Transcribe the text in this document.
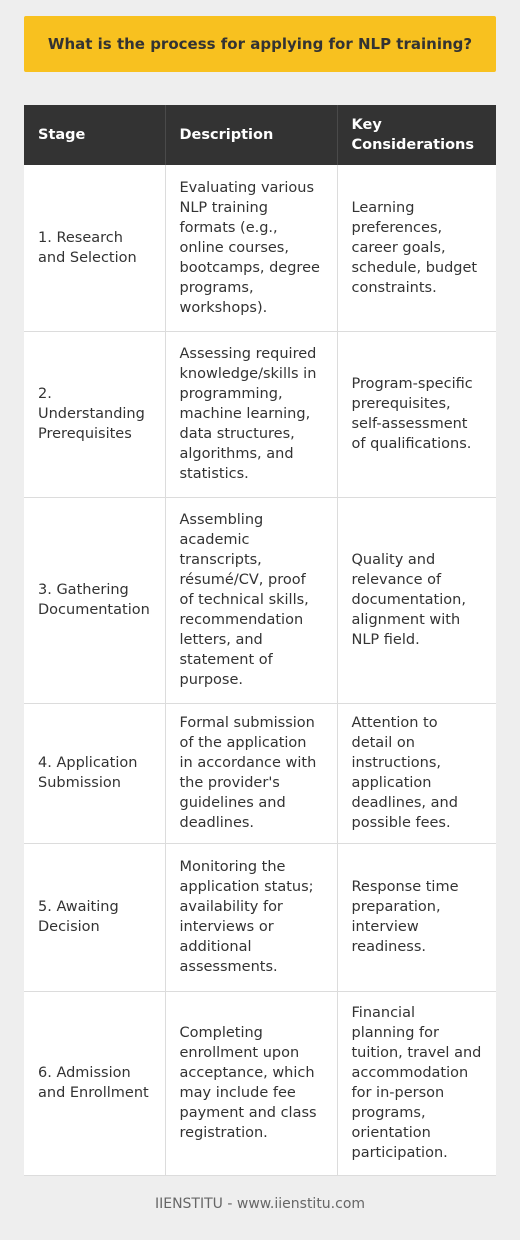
What is the process for applying for NLP training?
Stage	Description	Key Considerations
1. Research and Selection	Evaluating various NLP training formats (e.g., online courses, bootcamps, degree programs, workshops).	Learning preferences, career goals, schedule, budget constraints.
2. Understanding Prerequisites	Assessing required knowledge/skills in programming, machine learning, data structures, algorithms, and statistics.	Program-specific prerequisites, self-assessment of qualifications.
3. Gathering Documentation	Assembling academic transcripts, résumé/CV, proof of technical skills, recommendation letters, and statement of purpose.	Quality and relevance of documentation, alignment with NLP field.
4. Application Submission	Formal submission of the application in accordance with the provider's guidelines and deadlines.	Attention to detail on instructions, application deadlines, and possible fees.
5. Awaiting Decision	Monitoring the application status; availability for interviews or additional assessments.	Response time preparation, interview readiness.
6. Admission and Enrollment	Completing enrollment upon acceptance, which may include fee payment and class registration.	Financial planning for tuition, travel and accommodation for in-person programs, orientation participation.
IIENSTITU - www.iienstitu.com
